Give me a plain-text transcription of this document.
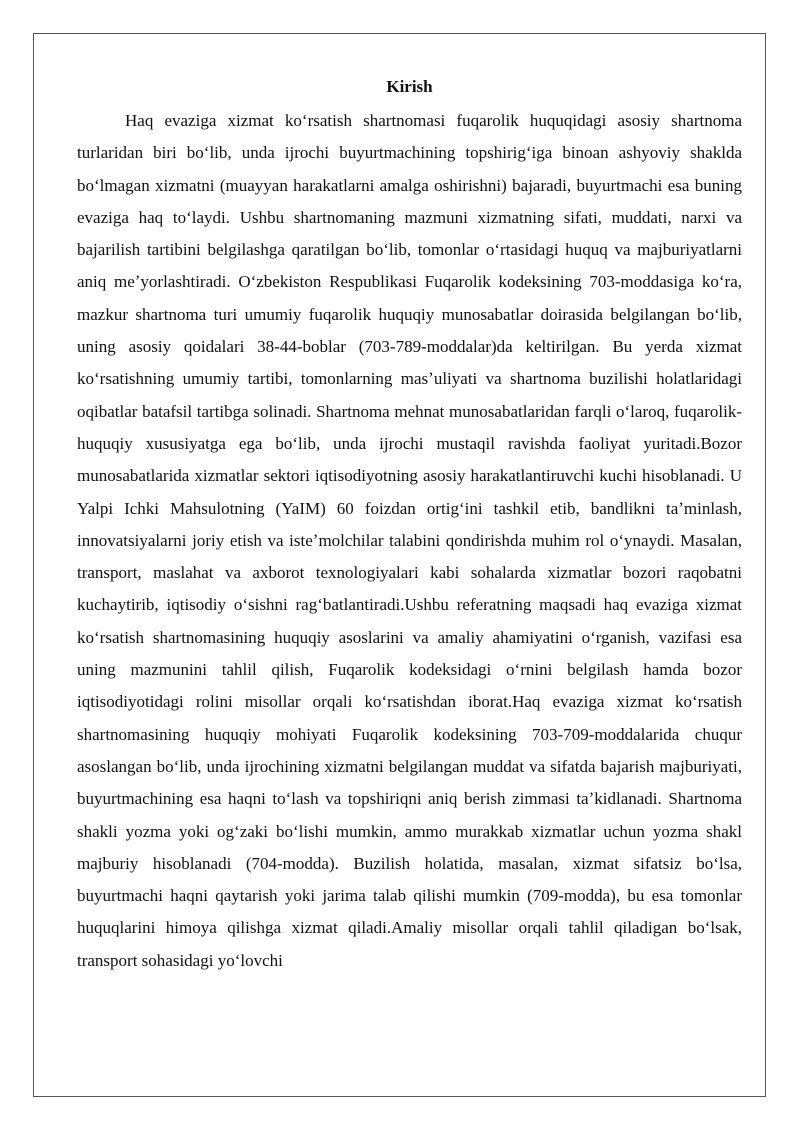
Kirish

Haq evaziga xizmat koʻrsatish shartnomasi fuqarolik huquqidagi asosiy shartnoma turlaridan biri boʻlib, unda ijrochi buyurtmachining topshirigʻiga binoan ashyoviy shaklda boʻlmagan xizmatni (muayyan harakatlarni amalga oshirishni) bajaradi, buyurtmachi esa buning evaziga haq toʻlaydi. Ushbu shartnomaning mazmuni xizmatning sifati, muddati, narxi va bajarilish tartibini belgilashga qaratilgan boʻlib, tomonlar oʻrtasidagi huquq va majburiyatlarni aniq meʼyorlashtiradi. Oʻzbekiston Respublikasi Fuqarolik kodeksining 703-moddasiga koʻra, mazkur shartnoma turi umumiy fuqarolik huquqiy munosabatlar doirasida belgilangan boʻlib, uning asosiy qoidalari 38-44-boblar (703-789-moddalar)da keltirilgan. Bu yerda xizmat koʻrsatishning umumiy tartibi, tomonlarning masʼuliyati va shartnoma buzilishi holatlaridagi oqibatlar batafsil tartibga solinadi. Shartnoma mehnat munosabatlaridan farqli oʻlaroq, fuqarolik-huquqiy xususiyatga ega boʻlib, unda ijrochi mustaqil ravishda faoliyat yuritadi.Bozor munosabatlarida xizmatlar sektori iqtisodiyotning asosiy harakatlantiruvchi kuchi hisoblanadi. U Yalpi Ichki Mahsulotning (YaIM) 60 foizdan ortigʻini tashkil etib, bandlikni taʼminlash, innovatsiyalarni joriy etish va isteʼmolchilar talabini qondirishda muhim rol oʻynaydi. Masalan, transport, maslahat va axborot texnologiyalari kabi sohalarda xizmatlar bozori raqobatni kuchaytirib, iqtisodiy oʻsishni ragʻbatlantiradi.Ushbu referatning maqsadi haq evaziga xizmat koʻrsatish shartnomasining huquqiy asoslarini va amaliy ahamiyatini oʻrganish, vazifasi esa uning mazmunini tahlil qilish, Fuqarolik kodeksidagi oʻrnini belgilash hamda bozor iqtisodiyotidagi rolini misollar orqali koʻrsatishdan iborat.Haq evaziga xizmat koʻrsatish shartnomasining huquqiy mohiyati Fuqarolik kodeksining 703-709-moddalarida chuqur asoslangan boʻlib, unda ijrochining xizmatni belgilangan muddat va sifatda bajarish majburiyati, buyurtmachining esa haqni toʻlash va topshiriqni aniq berish zimmasi taʼkidlanadi. Shartnoma shakli yozma yoki ogʻzaki boʻlishi mumkin, ammo murakkab xizmatlar uchun yozma shakl majburiy hisoblanadi (704-modda). Buzilish holatida, masalan, xizmat sifatsiz boʻlsa, buyurtmachi haqni qaytarish yoki jarima talab qilishi mumkin (709-modda), bu esa tomonlar huquqlarini himoya qilishga xizmat qiladi.Amaliy misollar orqali tahlil qiladigan boʻlsak, transport sohasidagi yoʻlovchi
